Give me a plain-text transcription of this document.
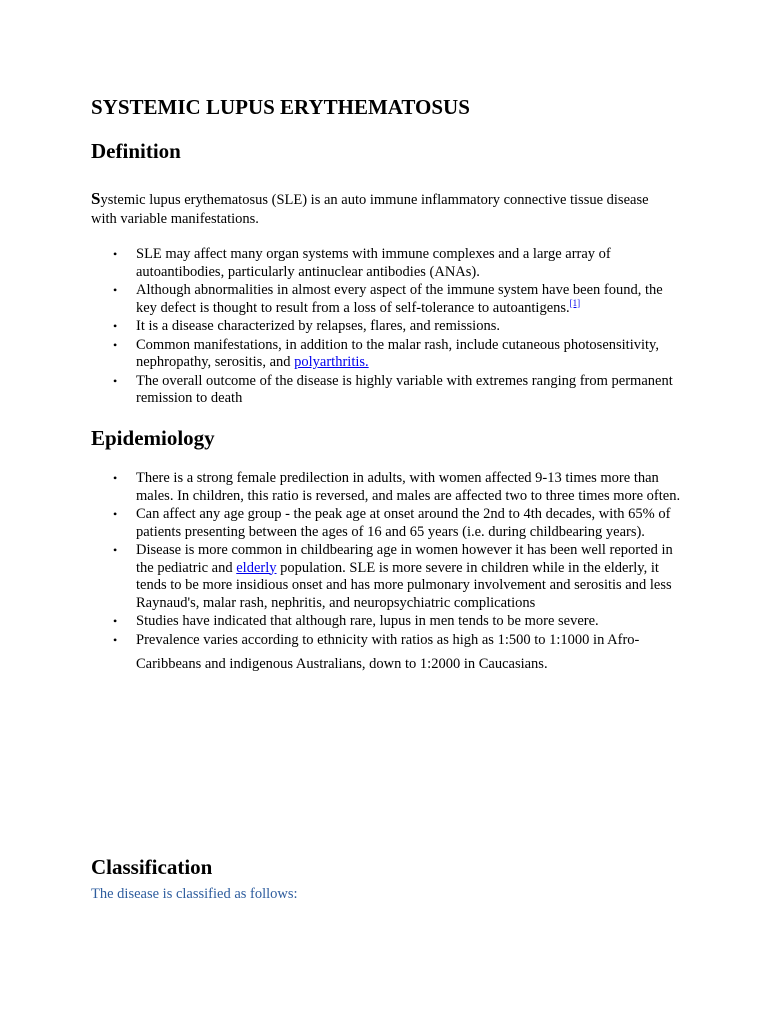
SYSTEMIC LUPUS ERYTHEMATOSUS
Definition

Systemic lupus erythematosus (SLE) is an auto immune inflammatory connective tissue disease with variable manifestations.

• SLE may affect many organ systems with immune complexes and a large array of autoantibodies, particularly antinuclear antibodies (ANAs).
• Although abnormalities in almost every aspect of the immune system have been found, the key defect is thought to result from a loss of self-tolerance to autoantigens.[1]
• It is a disease characterized by relapses, flares, and remissions.
• Common manifestations, in addition to the malar rash, include cutaneous photosensitivity, nephropathy, serositis, and polyarthritis.
• The overall outcome of the disease is highly variable with extremes ranging from permanent remission to death
Epidemiology
• There is a strong female predilection in adults, with women affected 9-13 times more than males. In children, this ratio is reversed, and males are affected two to three times more often.
• Can affect any age group - the peak age at onset around the 2nd to 4th decades, with 65% of patients presenting between the ages of 16 and 65 years (i.e. during childbearing years).
• Disease is more common in childbearing age in women however it has been well reported in the pediatric and elderly population. SLE is more severe in children while in the elderly, it tends to be more insidious onset and has more pulmonary involvement and serositis and less Raynaud's, malar rash, nephritis, and neuropsychiatric complications
• Studies have indicated that although rare, lupus in men tends to be more severe.
• Prevalence varies according to ethnicity with ratios as high as 1:500 to 1:1000 in Afro-
Caribbeans and indigenous Australians, down to 1:2000 in Caucasians.
Classification

The disease is classified as follows:
